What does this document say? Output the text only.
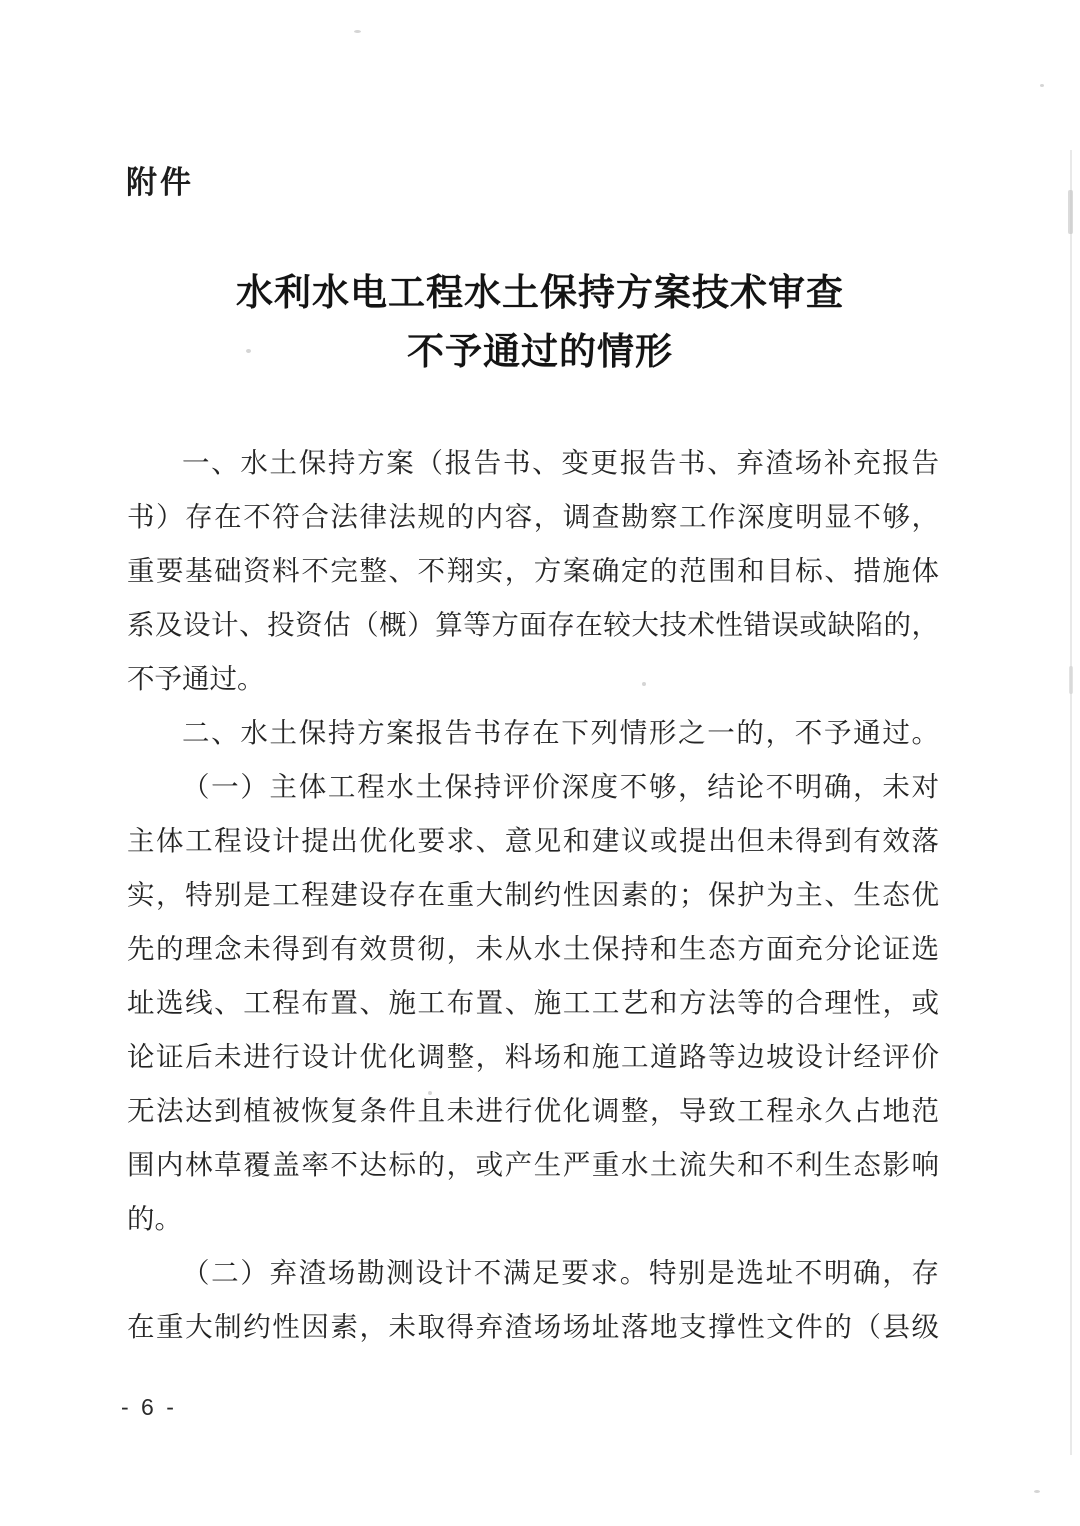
附件
水利水电工程水土保持方案技术审查
不予通过的情形
一、水土保持方案（报告书、变更报告书、弃渣场补充报告
书）存在不符合法律法规的内容，调查勘察工作深度明显不够，
重要基础资料不完整、不翔实，方案确定的范围和目标、措施体
系及设计、投资估（概）算等方面存在较大技术性错误或缺陷的，
不予通过。
二、水土保持方案报告书存在下列情形之一的，不予通过。
（一）主体工程水土保持评价深度不够，结论不明确，未对
主体工程设计提出优化要求、意见和建议或提出但未得到有效落
实，特别是工程建设存在重大制约性因素的；保护为主、生态优
先的理念未得到有效贯彻，未从水土保持和生态方面充分论证选
址选线、工程布置、施工布置、施工工艺和方法等的合理性，或
论证后未进行设计优化调整，料场和施工道路等边坡设计经评价
无法达到植被恢复条件且未进行优化调整，导致工程永久占地范
围内林草覆盖率不达标的，或产生严重水土流失和不利生态影响
的。
（二）弃渣场勘测设计不满足要求。特别是选址不明确，存
在重大制约性因素，未取得弃渣场场址落地支撑性文件的（县级
- 6 -
